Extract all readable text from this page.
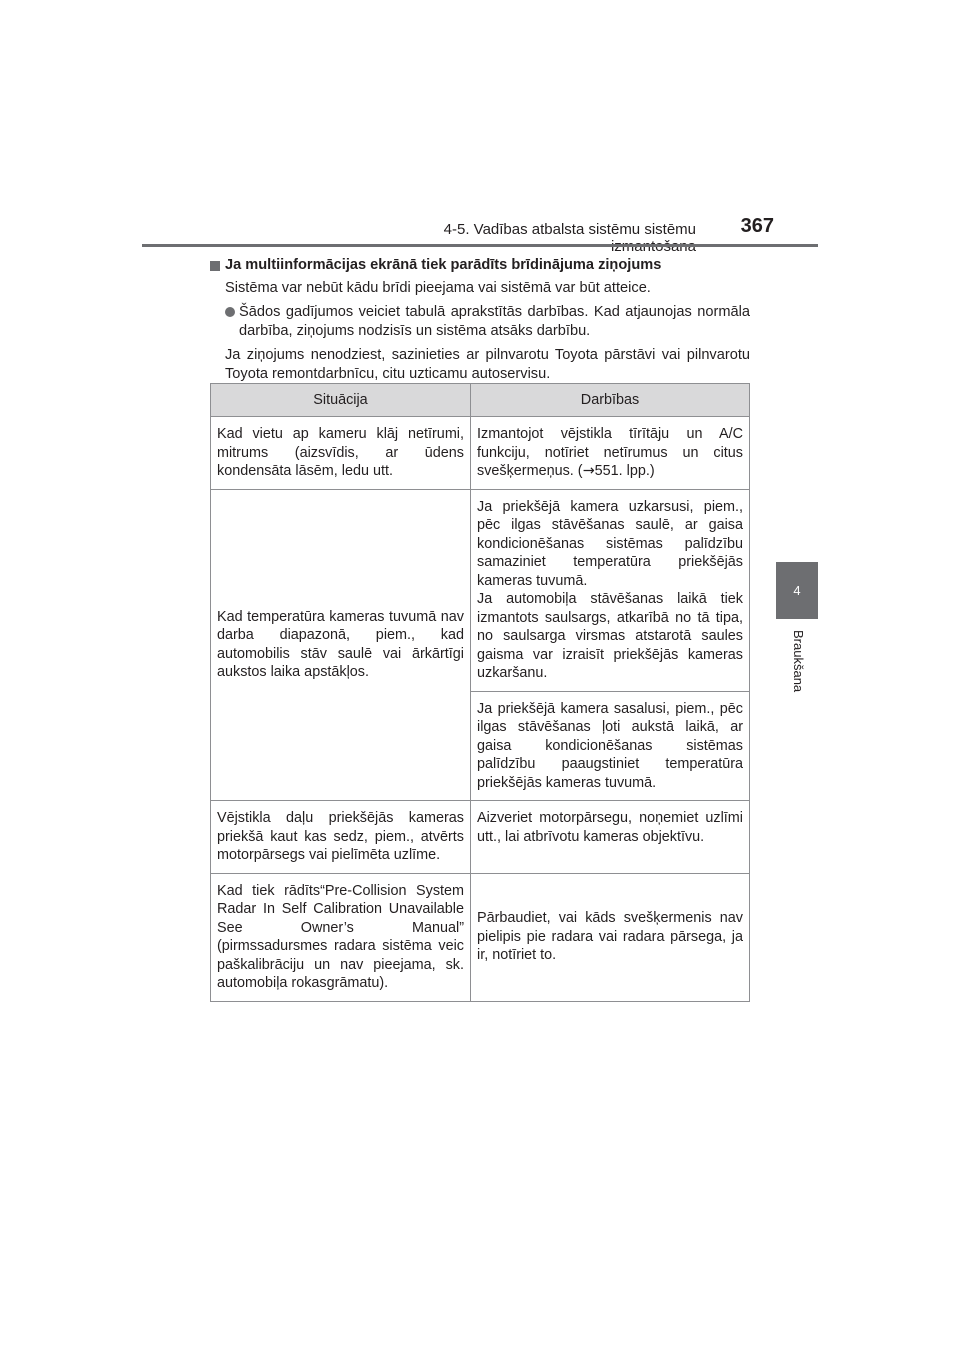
4-5. Vadības atbalsta sistēmu sistēmu	367
4
Braukšana
Ja multiinformācijas ekrānā tiek parādīts brīdinājuma ziņojums

Sistēma var nebūt kādu brīdi pieejama vai sistēmā var būt atteice.

Šādos gadījumos veiciet tabulā aprakstītās darbības. Kad atjaunojas normāla darbība, ziņojums nodzisīs un sistēma atsāks darbību.

Ja ziņojums nenodziest, sazinieties ar pilnvarotu Toyota pārstāvi vai pilnvarotu Toyota remontdarbnīcu, citu uzticamu autoservisu.

Situācija	Darbības
Kad vietu ap kameru klāj netīrumi, mitrums (aizsvīdis, ar ūdens kondensāta lāsēm, ledu utt.	Izmantojot vējstikla tīrītāju un A/C funkciju, notīriet netīrumus un citus svešķermeņus. (→551. lpp.)
Kad temperatūra kameras tuvumā nav darba diapazonā, piem., kad automobilis stāv saulē vai ārkārtīgi aukstos laika apstākļos.	Ja priekšējā kamera uzkarsusi, piem., pēc ilgas stāvēšanas saulē, ar gaisa kondicionēšanas sistēmas palīdzību samaziniet temperatūra priekšējās kameras tuvumā.
Ja automobiļa stāvēšanas laikā tiek izmantots saulsargs, atkarībā no tā tipa, no saulsarga virsmas atstarotā saules gaisma var izraisīt priekšējās kameras uzkaršanu.

	Ja priekšējā kamera sasalusi, piem., pēc ilgas stāvēšanas ļoti aukstā laikā, ar gaisa kondicionēšanas sistēmas palīdzību paaugstiniet temperatūra priekšējās kameras tuvumā.
Vējstikla daļu priekšējās kameras priekšā kaut kas sedz, piem., atvērts motorpārsegs vai pielīmēta uzlīme.	Aizveriet motorpārsegu, noņemiet uzlīmi utt., lai atbrīvotu kameras objektīvu.
Kad tiek rādīts“Pre-Collision System Radar In Self Calibration Unavailable See Owner’s Manual” (pirmssadursmes radara sistēma veic paškalibrāciju un nav pieejama, sk. automobiļa rokasgrāmatu).	Pārbaudiet, vai kāds svešķermenis nav pielipis pie radara vai radara pārsega, ja ir, notīriet to.
